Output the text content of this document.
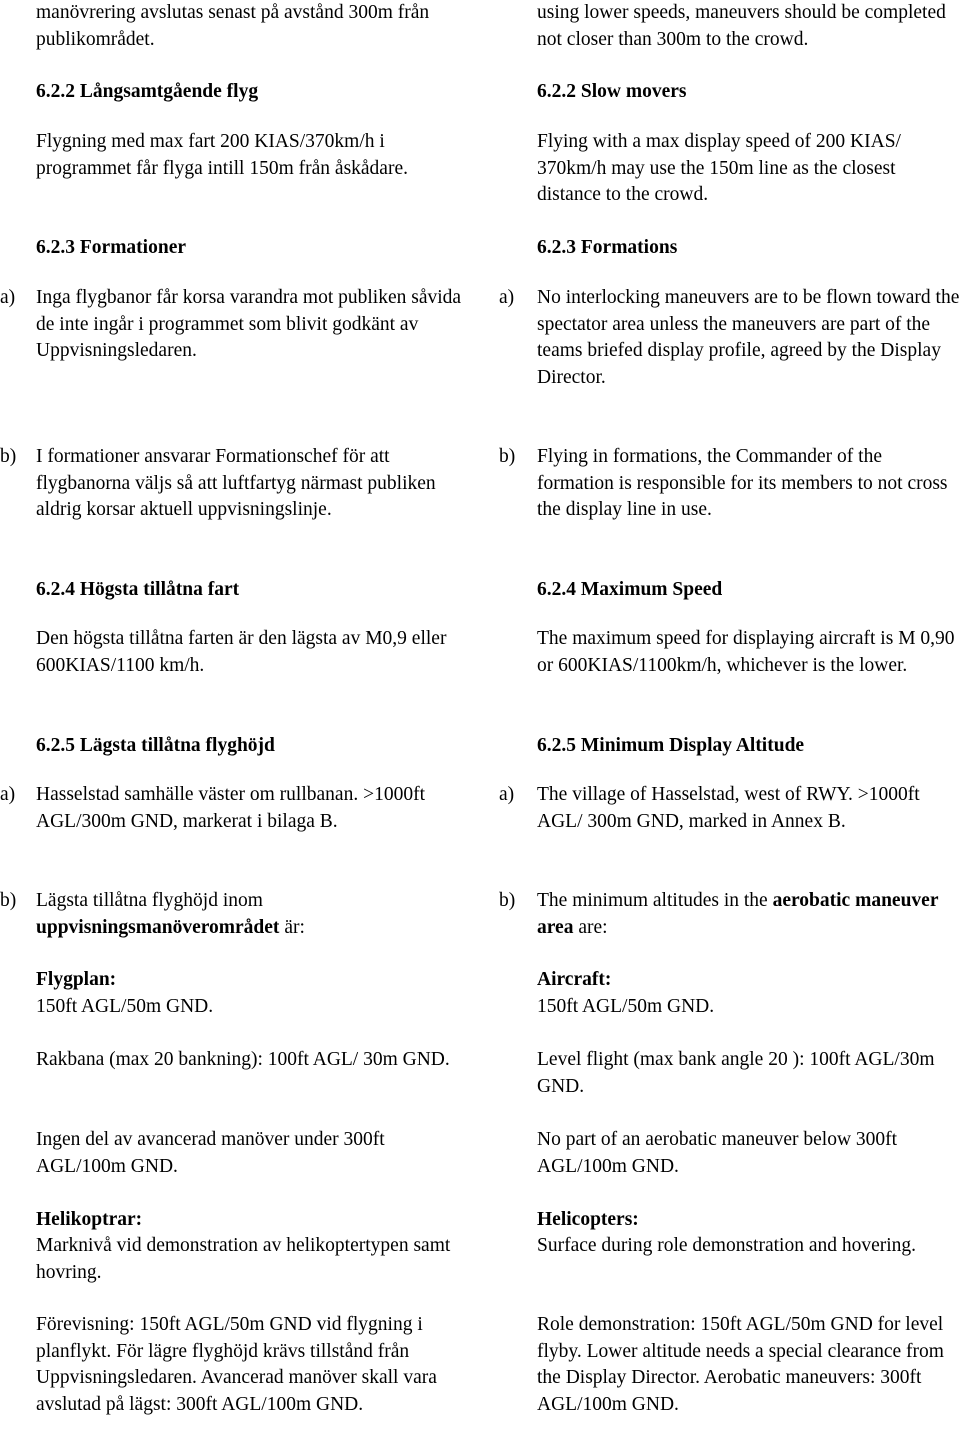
manövrering avslutas senast på avstånd 300m från publikområdet.
6.2.2 Långsamtgående flyg
Flygning med max fart 200 KIAS/370km/h i programmet får flyga intill 150m från åskådare.
6.2.3 Formationer
a) Inga flygbanor får korsa varandra mot publiken såvida de inte ingår i programmet som blivit godkänt av Uppvisningsledaren.
b) I formationer ansvarar Formationschef för att flygbanorna väljs så att luftfartyg närmast publiken aldrig korsar aktuell uppvisningslinje.
6.2.4 Högsta tillåtna fart
Den högsta tillåtna farten är den lägsta av M0,9 eller 600KIAS/1100 km/h.
6.2.5 Lägsta tillåtna flyghöjd
a) Hasselstad samhälle väster om rullbanan. >1000ft AGL/300m GND, markerat i bilaga B.
b) Lägsta tillåtna flyghöjd inom uppvisningsmanöverområdet är:
Flygplan:
150ft AGL/50m GND.
Rakbana (max 20 bankning): 100ft AGL/ 30m GND.
Ingen del av avancerad manöver under 300ft AGL/100m GND.
Helikoptrar:
Marknivå vid demonstration av helikoptertypen samt hovring.
Förevisning: 150ft AGL/50m GND vid flygning i planflykt. För lägre flyghöjd krävs tillstånd från Uppvisningsledaren. Avancerad manöver skall vara avslutad på lägst: 300ft AGL/100m GND.
using lower speeds, maneuvers should be completed not closer than 300m to the crowd.
6.2.2 Slow movers
Flying with a max display speed of 200 KIAS/ 370km/h may use the 150m line as the closest distance to the crowd.
6.2.3 Formations
a) No interlocking maneuvers are to be flown toward the spectator area unless the maneuvers are part of the teams briefed display profile, agreed by the Display Director.
b) Flying in formations, the Commander of the formation is responsible for its members to not cross the display line in use.
6.2.4 Maximum Speed
The maximum speed for displaying aircraft is M 0,90 or 600KIAS/1100km/h, whichever is the lower.
6.2.5 Minimum Display Altitude
a) The village of Hasselstad, west of RWY. >1000ft AGL/ 300m GND, marked in Annex B.
b) The minimum altitudes in the aerobatic maneuver area are:
Aircraft:
150ft AGL/50m GND.
Level flight (max bank angle 20 ): 100ft AGL/30m GND.
No part of an aerobatic maneuver below 300ft AGL/100m GND.
Helicopters:
Surface during role demonstration and hovering.
Role demonstration: 150ft AGL/50m GND for level flyby. Lower altitude needs a special clearance from the Display Director. Aerobatic maneuvers: 300ft AGL/100m GND.
